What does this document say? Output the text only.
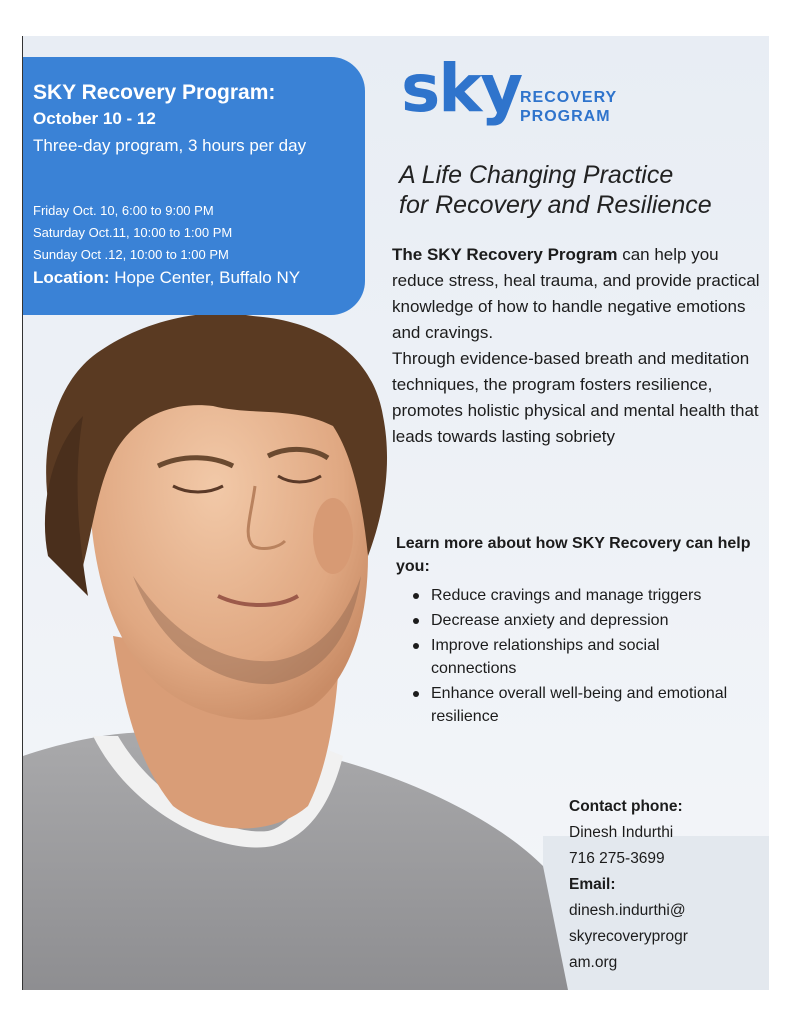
SKY Recovery Program:
October 10 - 12
Three-day program, 3 hours per day
Friday Oct. 10, 6:00 to 9:00 PM
Saturday Oct.11, 10:00 to 1:00 PM
Sunday Oct .12, 10:00 to 1:00 PM
Location: Hope Center, Buffalo NY
sky
RECOVERY
PROGRAM
A Life Changing Practice
for Recovery and Resilience

The SKY Recovery Program can help you reduce stress, heal trauma, and provide practical knowledge of how to handle negative emotions and cravings.

Through evidence-based breath and meditation techniques, the program fosters resilience, promotes holistic physical and mental health that leads towards lasting sobriety

Learn more about how SKY Recovery can help you:
Reduce cravings and manage triggers
Decrease anxiety and depression
Improve relationships and social connections
Enhance overall well-being and emotional resilience
Contact phone:
Dinesh Indurthi
716 275-3699
Email:
dinesh.indurthi@
skyrecoveryprogr
am.org
